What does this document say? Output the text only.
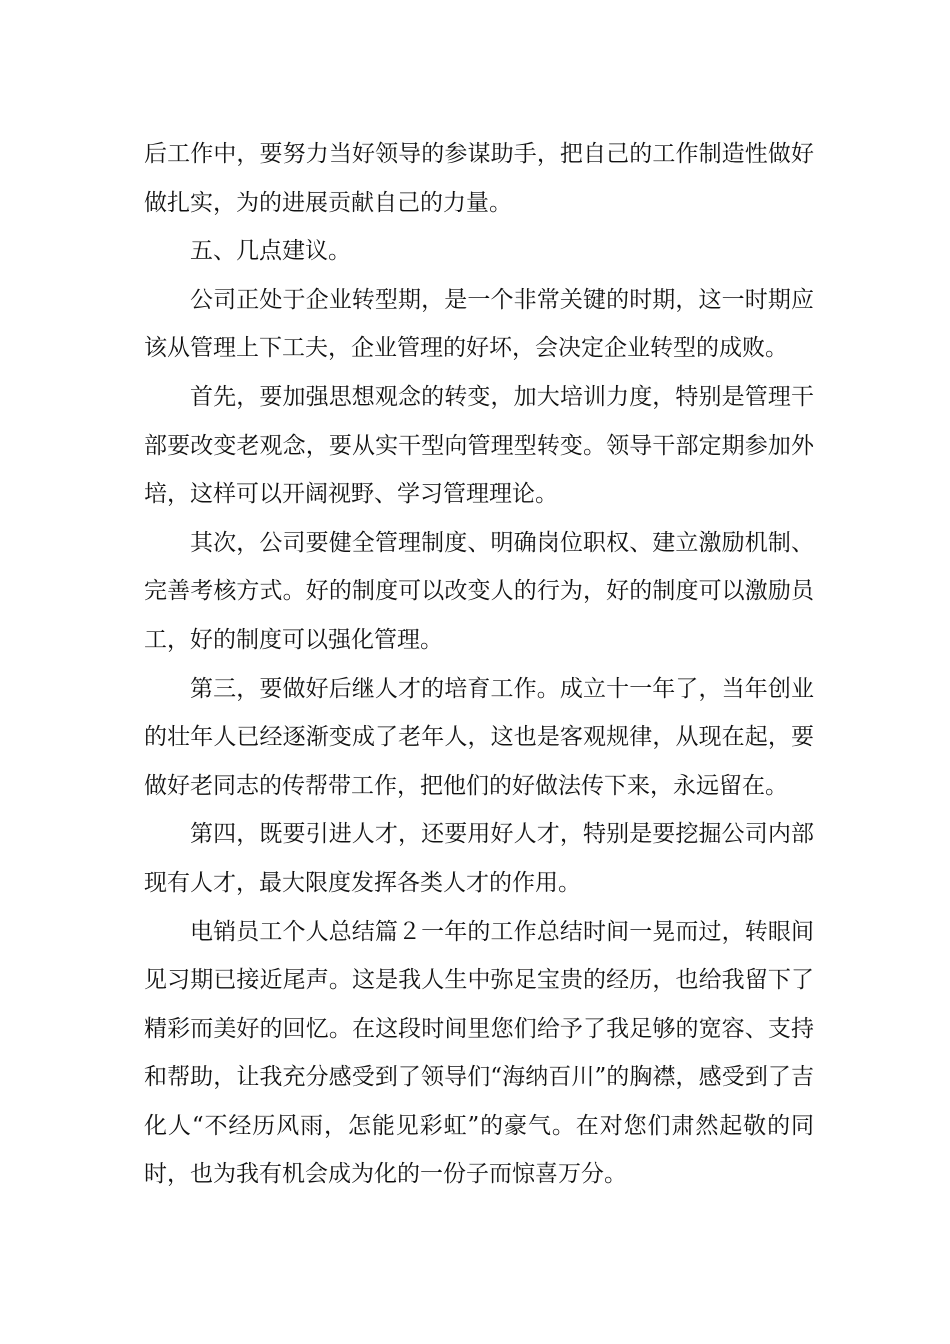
后工作中，要努力当好领导的参谋助手，把自己的工作制造性做好做扎实，为的进展贡献自己的力量。

五、几点建议。

公司正处于企业转型期，是一个非常关键的时期，这一时期应该从管理上下工夫，企业管理的好坏，会决定企业转型的成败。

首先，要加强思想观念的转变，加大培训力度，特别是管理干部要改变老观念，要从实干型向管理型转变。领导干部定期参加外培，这样可以开阔视野、学习管理理论。

其次，公司要健全管理制度、明确岗位职权、建立激励机制、完善考核方式。好的制度可以改变人的行为，好的制度可以激励员工，好的制度可以强化管理。

第三，要做好后继人才的培育工作。成立十一年了，当年创业的壮年人已经逐渐变成了老年人，这也是客观规律，从现在起，要做好老同志的传帮带工作，把他们的好做法传下来，永远留在。

第四，既要引进人才，还要用好人才，特别是要挖掘公司内部现有人才，最大限度发挥各类人才的作用。

电销员工个人总结篇２一年的工作总结时间一晃而过，转眼间见习期已接近尾声。这是我人生中弥足宝贵的经历，也给我留下了精彩而美好的回忆。在这段时间里您们给予了我足够的宽容、支持和帮助，让我充分感受到了领导们“海纳百川”的胸襟，感受到了吉化人“不经历风雨，怎能见彩虹”的豪气。在对您们肃然起敬的同时，也为我有机会成为化的一份子而惊喜万分。
